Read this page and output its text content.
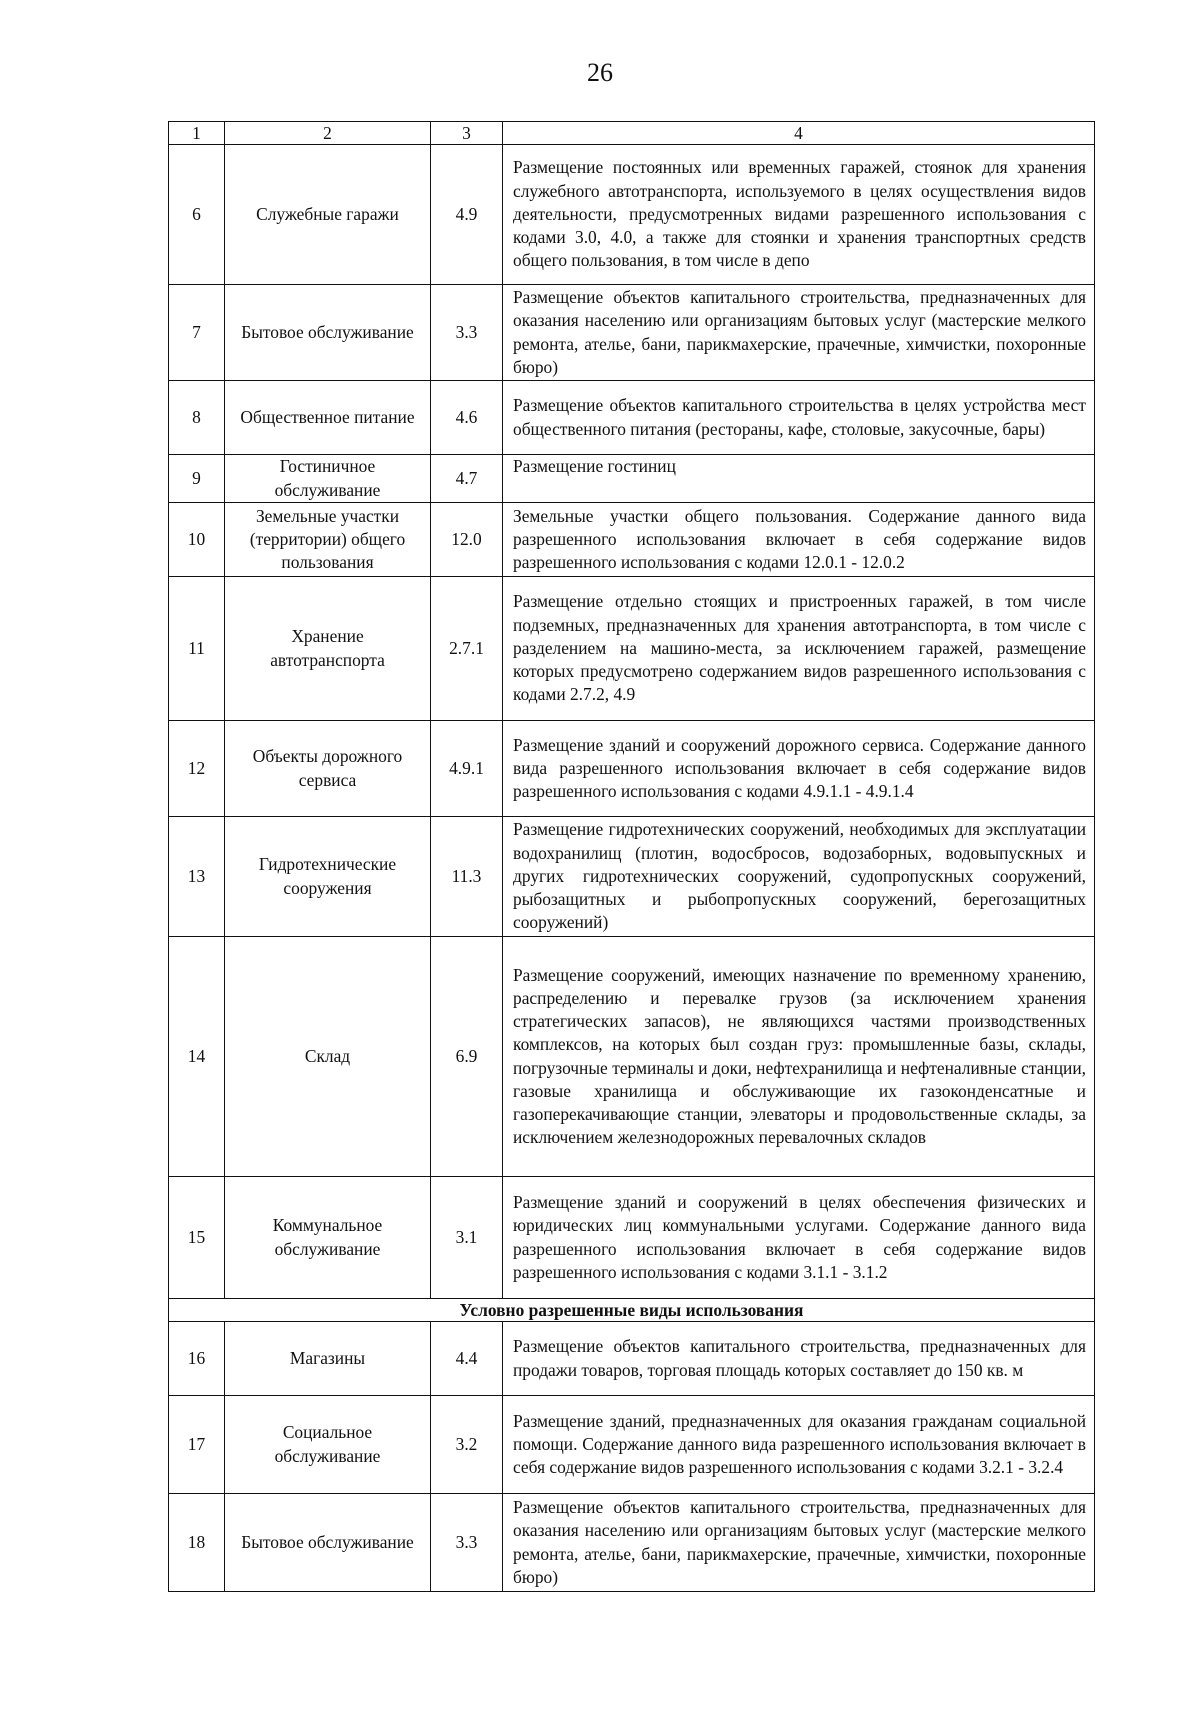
26
1	2	3	4
6	Служебные гаражи	4.9	Размещение постоянных или временных гаражей, стоянок для хранения служебного автотранспорта, используемого в целях осуществления видов деятельности, предусмотренных видами разрешенного использования с кодами 3.0, 4.0, а также для стоянки и хранения транспортных средств общего пользования, в том числе в депо
7	Бытовое обслуживание	3.3	Размещение объектов капитального строительства, предназначенных для оказания населению или организациям бытовых услуг (мастерские мелкого ремонта, ателье, бани, парикмахерские, прачечные, химчистки, похоронные бюро)
8	Общественное питание	4.6	Размещение объектов капитального строительства в целях устройства мест общественного питания (рестораны, кафе, столовые, закусочные, бары)
9	Гостиничное обслуживание	4.7	Размещение гостиниц
10	Земельные участки (территории) общего пользования	12.0	Земельные участки общего пользования. Содержание данного вида разрешенного использования включает в себя содержание видов разрешенного использования с кодами 12.0.1 - 12.0.2
11	Хранение автотранспорта	2.7.1	Размещение отдельно стоящих и пристроенных гаражей, в том числе подземных, предназначенных для хранения автотранспорта, в том числе с разделением на машино-места, за исключением гаражей, размещение которых предусмотрено содержанием видов разрешенного использования с кодами 2.7.2, 4.9
12	Объекты дорожного сервиса	4.9.1	Размещение зданий и сооружений дорожного сервиса. Содержание данного вида разрешенного использования включает в себя содержание видов разрешенного использования с кодами 4.9.1.1 - 4.9.1.4
13	Гидротехнические сооружения	11.3	Размещение гидротехнических сооружений, необходимых для эксплуатации водохранилищ (плотин, водосбросов, водозаборных, водовыпускных и других гидротехнических сооружений, судопропускных сооружений, рыбозащитных и рыбопропускных сооружений, берегозащитных сооружений)
14	Склад	6.9	Размещение сооружений, имеющих назначение по временному хранению, распределению и перевалке грузов (за исключением хранения стратегических запасов), не являющихся частями производственных комплексов, на которых был создан груз: промышленные базы, склады, погрузочные терминалы и доки, нефтехранилища и нефтеналивные станции, газовые хранилища и обслуживающие их газоконденсатные и газоперекачивающие станции, элеваторы и продовольственные склады, за исключением железнодорожных перевалочных складов
15	Коммунальное обслуживание	3.1	Размещение зданий и сооружений в целях обеспечения физических и юридических лиц коммунальными услугами. Содержание данного вида разрешенного использования включает в себя содержание видов разрешенного использования с кодами 3.1.1 - 3.1.2
Условно разрешенные виды использования			
16	Магазины	4.4	Размещение объектов капитального строительства, предназначенных для продажи товаров, торговая площадь которых составляет до 150 кв. м
17	Социальное обслуживание	3.2	Размещение зданий, предназначенных для оказания гражданам социальной помощи. Содержание данного вида разрешенного использования включает в себя содержание видов разрешенного использования с кодами 3.2.1 - 3.2.4
18	Бытовое обслуживание	3.3	Размещение объектов капитального строительства, предназначенных для оказания населению или организациям бытовых услуг (мастерские мелкого ремонта, ателье, бани, парикмахерские, прачечные, химчистки, похоронные бюро)
